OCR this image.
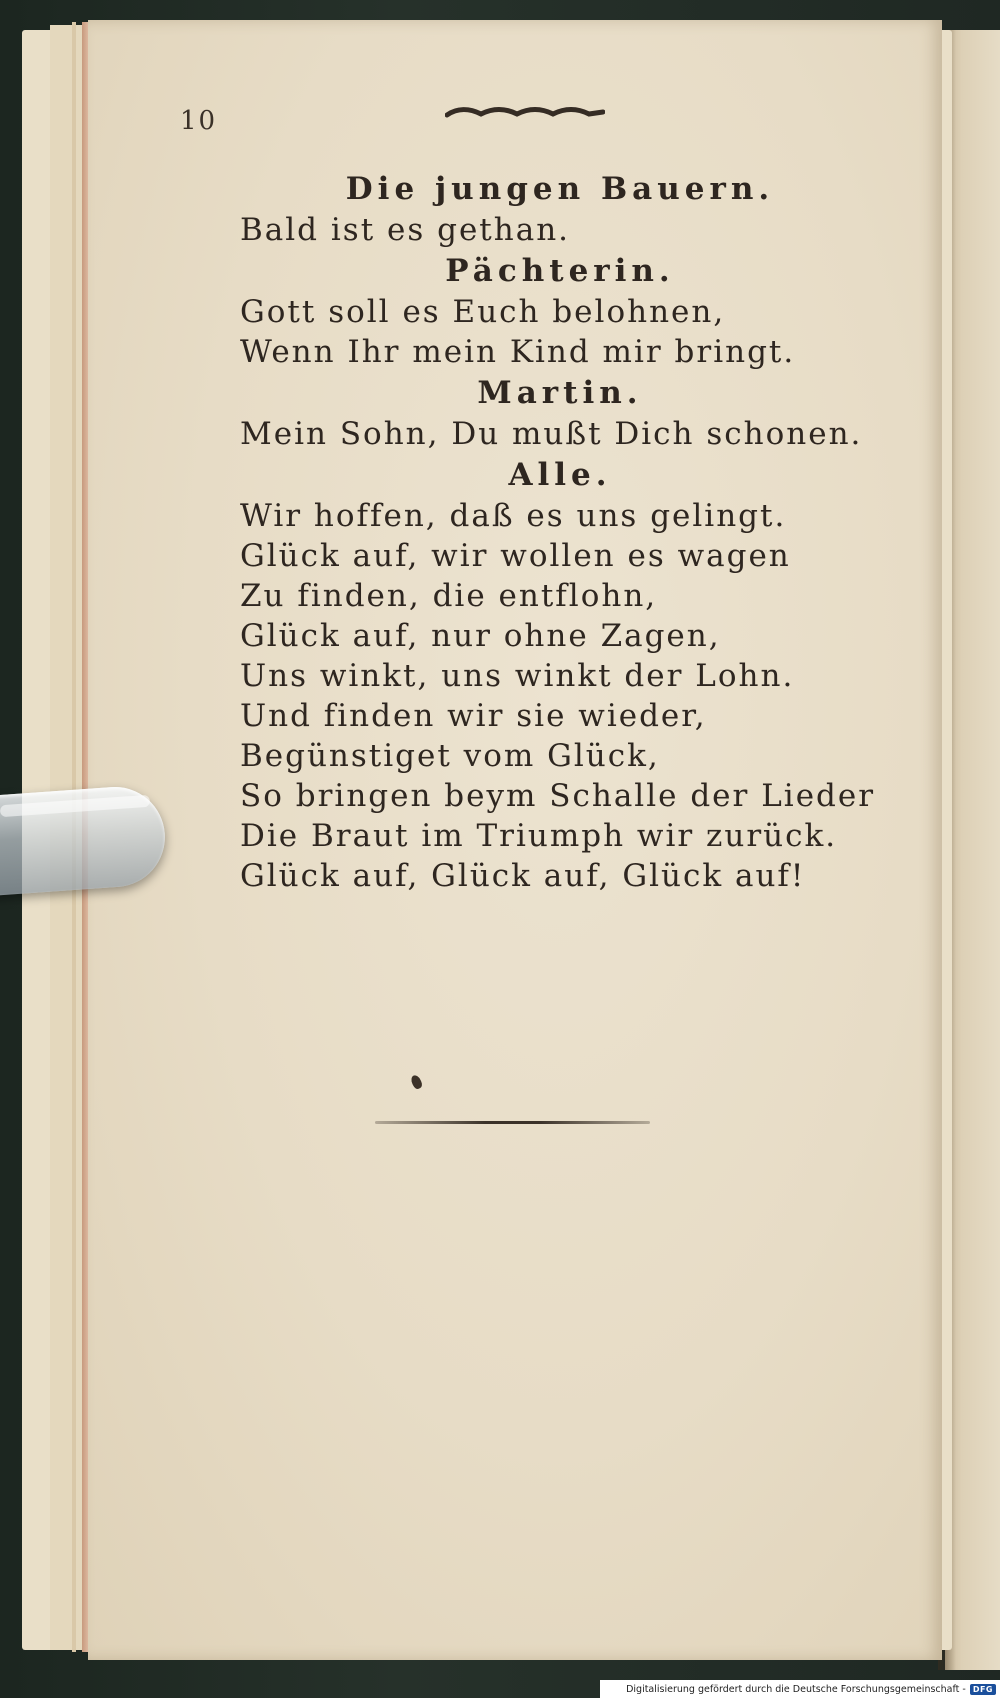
10
Die jungen Bauern.
Bald ist es gethan.
Pächterin.
Gott soll es Euch belohnen,
Wenn Ihr mein Kind mir bringt.
Martin.
Mein Sohn, Du mußt Dich schonen.
Alle.
Wir hoffen, daß es uns gelingt.
Glück auf, wir wollen es wagen
Zu finden, die entflohn,
Glück auf, nur ohne Zagen,
Uns winkt, uns winkt der Lohn.
Und finden wir sie wieder,
Begünstiget vom Glück,
So bringen beym Schalle der Lieder
Die Braut im Triumph wir zurück.
Glück auf, Glück auf, Glück auf!
Digitalisierung gefördert durch die Deutsche Forschungsgemeinschaft - DFG
